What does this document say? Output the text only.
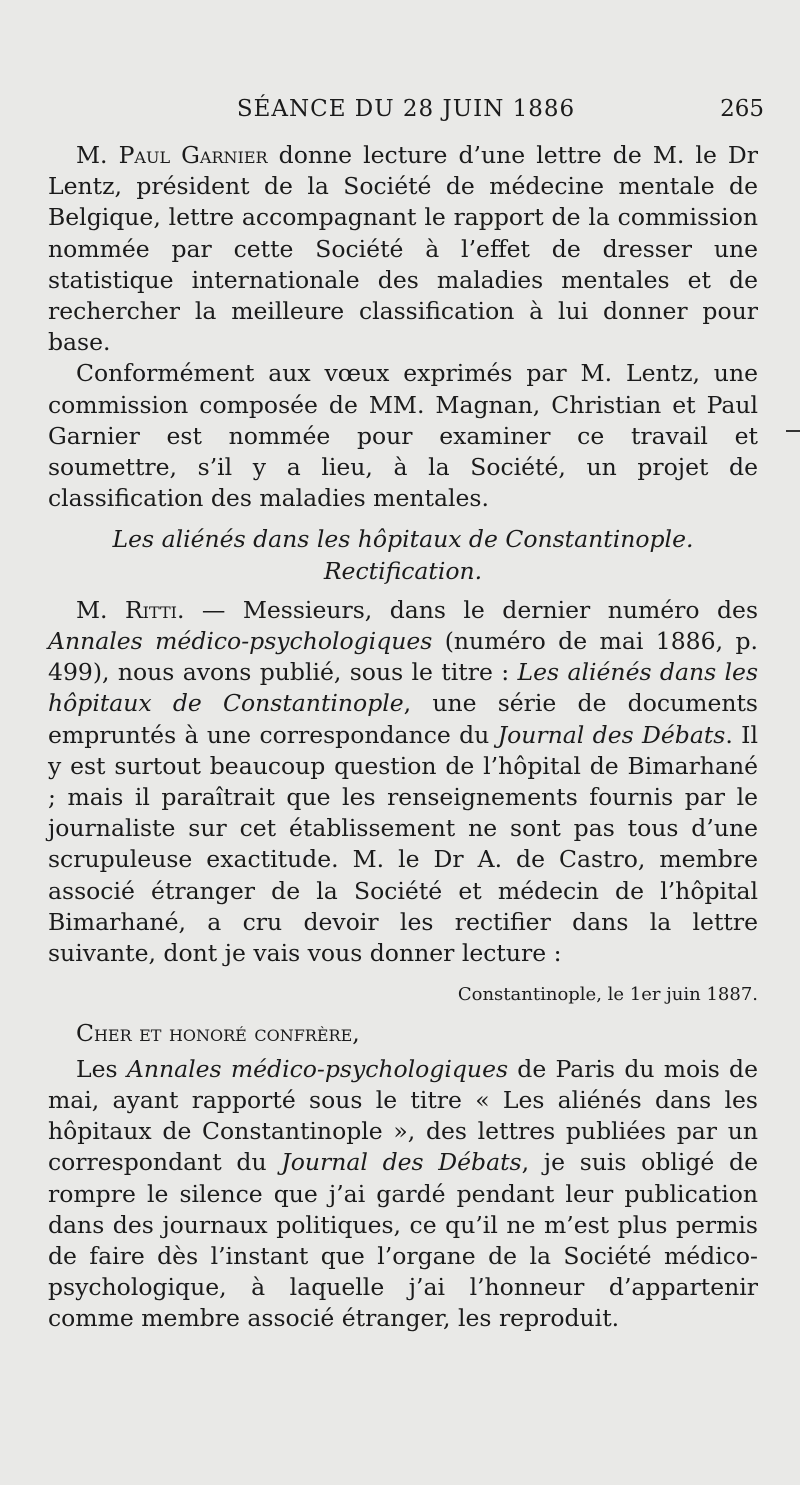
SÉANCE DU 28 JUIN 1886	265

M. Paul Garnier donne lecture d’une lettre de M. le Dr Lentz, président de la Société de médecine mentale de Belgique, lettre accompagnant le rapport de la commission nommée par cette Société à l’effet de dresser une statistique internationale des maladies mentales et de rechercher la meilleure classification à lui donner pour base.

Conformément aux vœux exprimés par M. Lentz, une commission composée de MM. Magnan, Christian et Paul Garnier est nommée pour examiner ce travail et soumettre, s’il y a lieu, à la Société, un projet de classification des maladies mentales.

Les aliénés dans les hôpitaux de Constantinople.
Rectification.

M. Ritti. — Messieurs, dans le dernier numéro des Annales médico-psychologiques (numéro de mai 1886, p. 499), nous avons publié, sous le titre : Les aliénés dans les hôpitaux de Constantinople, une série de documents empruntés à une correspondance du Journal des Débats. Il y est surtout beaucoup question de l’hôpital de Bimarhané ; mais il paraîtrait que les renseignements fournis par le journaliste sur cet établissement ne sont pas tous d’une scrupuleuse exactitude. M. le Dr A. de Castro, membre associé étranger de la Société et médecin de l’hôpital Bimarhané, a cru devoir les rectifier dans la lettre suivante, dont je vais vous donner lecture :

Constantinople, le 1er juin 1887.
Cher et honoré confrère,

Les Annales médico-psychologiques de Paris du mois de mai, ayant rapporté sous le titre « Les aliénés dans les hôpitaux de Constantinople », des lettres publiées par un correspondant du Journal des Débats, je suis obligé de rompre le silence que j’ai gardé pendant leur publication dans des journaux politiques, ce qu’il ne m’est plus permis de faire dès l’instant que l’organe de la Société médico-psychologique, à laquelle j’ai l’honneur d’appartenir comme membre associé étranger, les reproduit.
